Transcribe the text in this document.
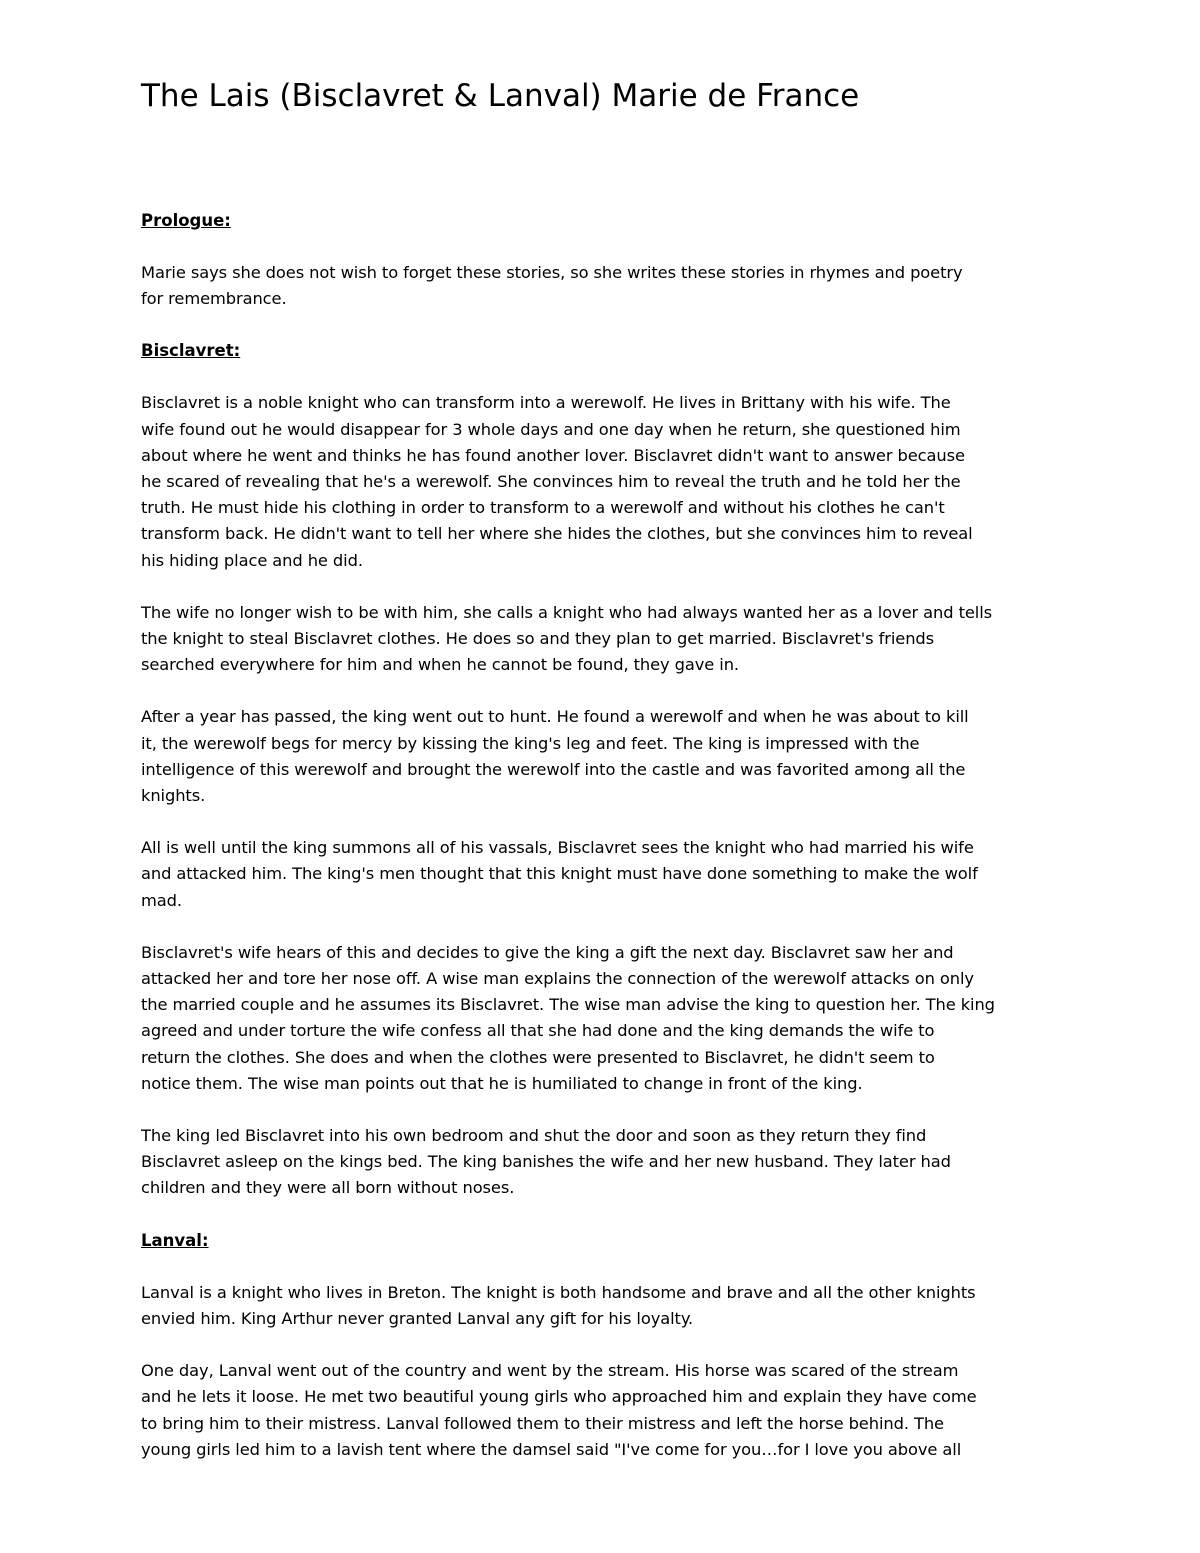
The Lais (Bisclavret & Lanval) Marie de France
Prologue:

Marie says she does not wish to forget these stories, so she writes these stories in rhymes and poetry
for remembrance.

Bisclavret:

Bisclavret is a noble knight who can transform into a werewolf. He lives in Brittany with his wife. The
wife found out he would disappear for 3 whole days and one day when he return, she questioned him
about where he went and thinks he has found another lover. Bisclavret didn't want to answer because
he scared of revealing that he's a werewolf. She convinces him to reveal the truth and he told her the
truth. He must hide his clothing in order to transform to a werewolf and without his clothes he can't
transform back. He didn't want to tell her where she hides the clothes, but she convinces him to reveal
his hiding place and he did.

The wife no longer wish to be with him, she calls a knight who had always wanted her as a lover and tells
the knight to steal Bisclavret clothes. He does so and they plan to get married. Bisclavret's friends
searched everywhere for him and when he cannot be found, they gave in.

After a year has passed, the king went out to hunt. He found a werewolf and when he was about to kill
it, the werewolf begs for mercy by kissing the king's leg and feet. The king is impressed with the
intelligence of this werewolf and brought the werewolf into the castle and was favorited among all the
knights.

All is well until the king summons all of his vassals, Bisclavret sees the knight who had married his wife
and attacked him. The king's men thought that this knight must have done something to make the wolf
mad.

Bisclavret's wife hears of this and decides to give the king a gift the next day. Bisclavret saw her and
attacked her and tore her nose off. A wise man explains the connection of the werewolf attacks on only
the married couple and he assumes its Bisclavret. The wise man advise the king to question her. The king
agreed and under torture the wife confess all that she had done and the king demands the wife to
return the clothes. She does and when the clothes were presented to Bisclavret, he didn't seem to
notice them. The wise man points out that he is humiliated to change in front of the king.

The king led Bisclavret into his own bedroom and shut the door and soon as they return they find
Bisclavret asleep on the kings bed. The king banishes the wife and her new husband. They later had
children and they were all born without noses.

Lanval:

Lanval is a knight who lives in Breton. The knight is both handsome and brave and all the other knights
envied him. King Arthur never granted Lanval any gift for his loyalty.

One day, Lanval went out of the country and went by the stream. His horse was scared of the stream
and he lets it loose. He met two beautiful young girls who approached him and explain they have come
to bring him to their mistress. Lanval followed them to their mistress and left the horse behind. The
young girls led him to a lavish tent where the damsel said "I've come for you…for I love you above all
